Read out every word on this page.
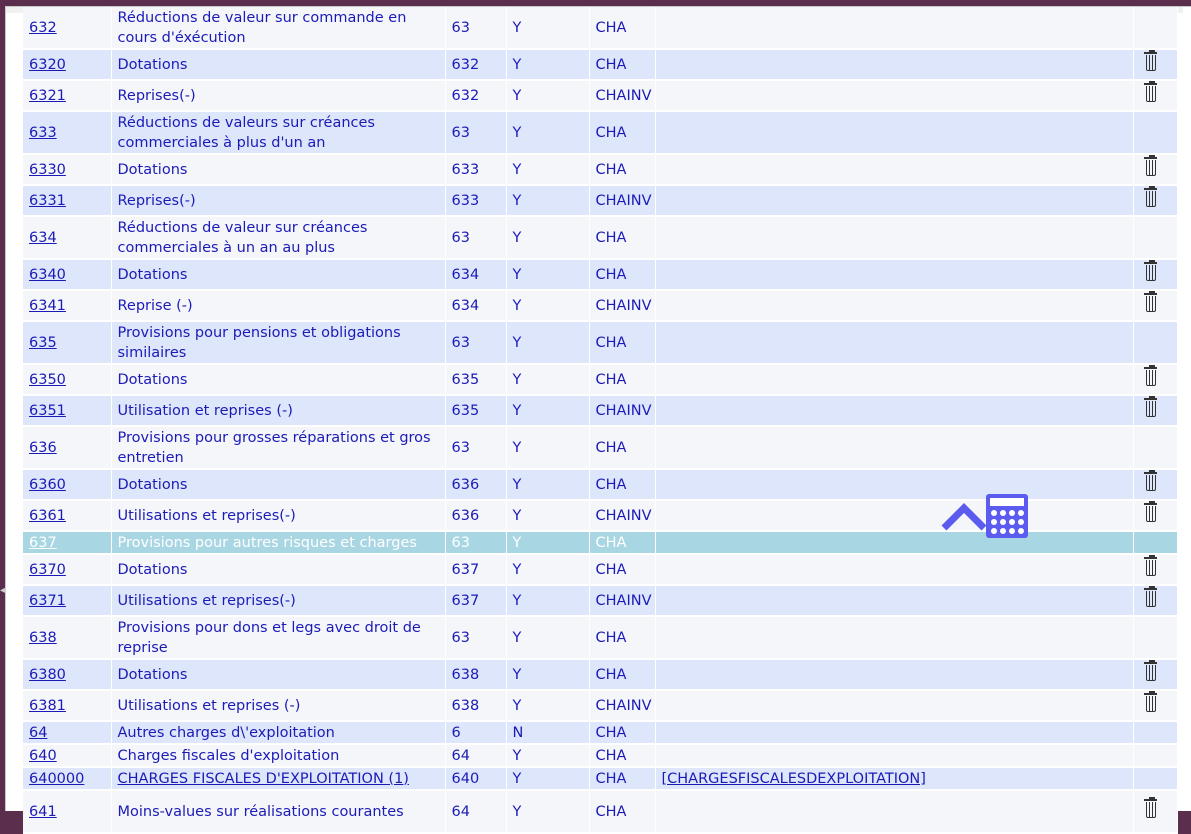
632	Réductions de valeur sur commande en cours d'éxécution	63	Y	CHA		
6320	Dotations	632	Y	CHA		
6321	Reprises(-)	632	Y	CHAINV		
633	Réductions de valeurs sur créances commerciales à plus d'un an	63	Y	CHA		
6330	Dotations	633	Y	CHA		
6331	Reprises(-)	633	Y	CHAINV		
634	Réductions de valeur sur créances commerciales à un an au plus	63	Y	CHA		
6340	Dotations	634	Y	CHA		
6341	Reprise (-)	634	Y	CHAINV		
635	Provisions pour pensions et obligations similaires	63	Y	CHA		
6350	Dotations	635	Y	CHA		
6351	Utilisation et reprises (-)	635	Y	CHAINV		
636	Provisions pour grosses réparations et gros entretien	63	Y	CHA		
6360	Dotations	636	Y	CHA		
6361	Utilisations et reprises(-)	636	Y	CHAINV		
637	Provisions pour autres risques et charges	63	Y	CHA		
6370	Dotations	637	Y	CHA		
6371	Utilisations et reprises(-)	637	Y	CHAINV		
638	Provisions pour dons et legs avec droit de reprise	63	Y	CHA		
6380	Dotations	638	Y	CHA		
6381	Utilisations et reprises (-)	638	Y	CHAINV		
64	Autres charges d\'exploitation	6	N	CHA		
640	Charges fiscales d'exploitation	64	Y	CHA		
640000	CHARGES FISCALES D'EXPLOITATION (1)	640	Y	CHA	[CHARGESFISCALESDEXPLOITATION]	
641	Moins-values sur réalisations courantes	64	Y	CHA		
◂
